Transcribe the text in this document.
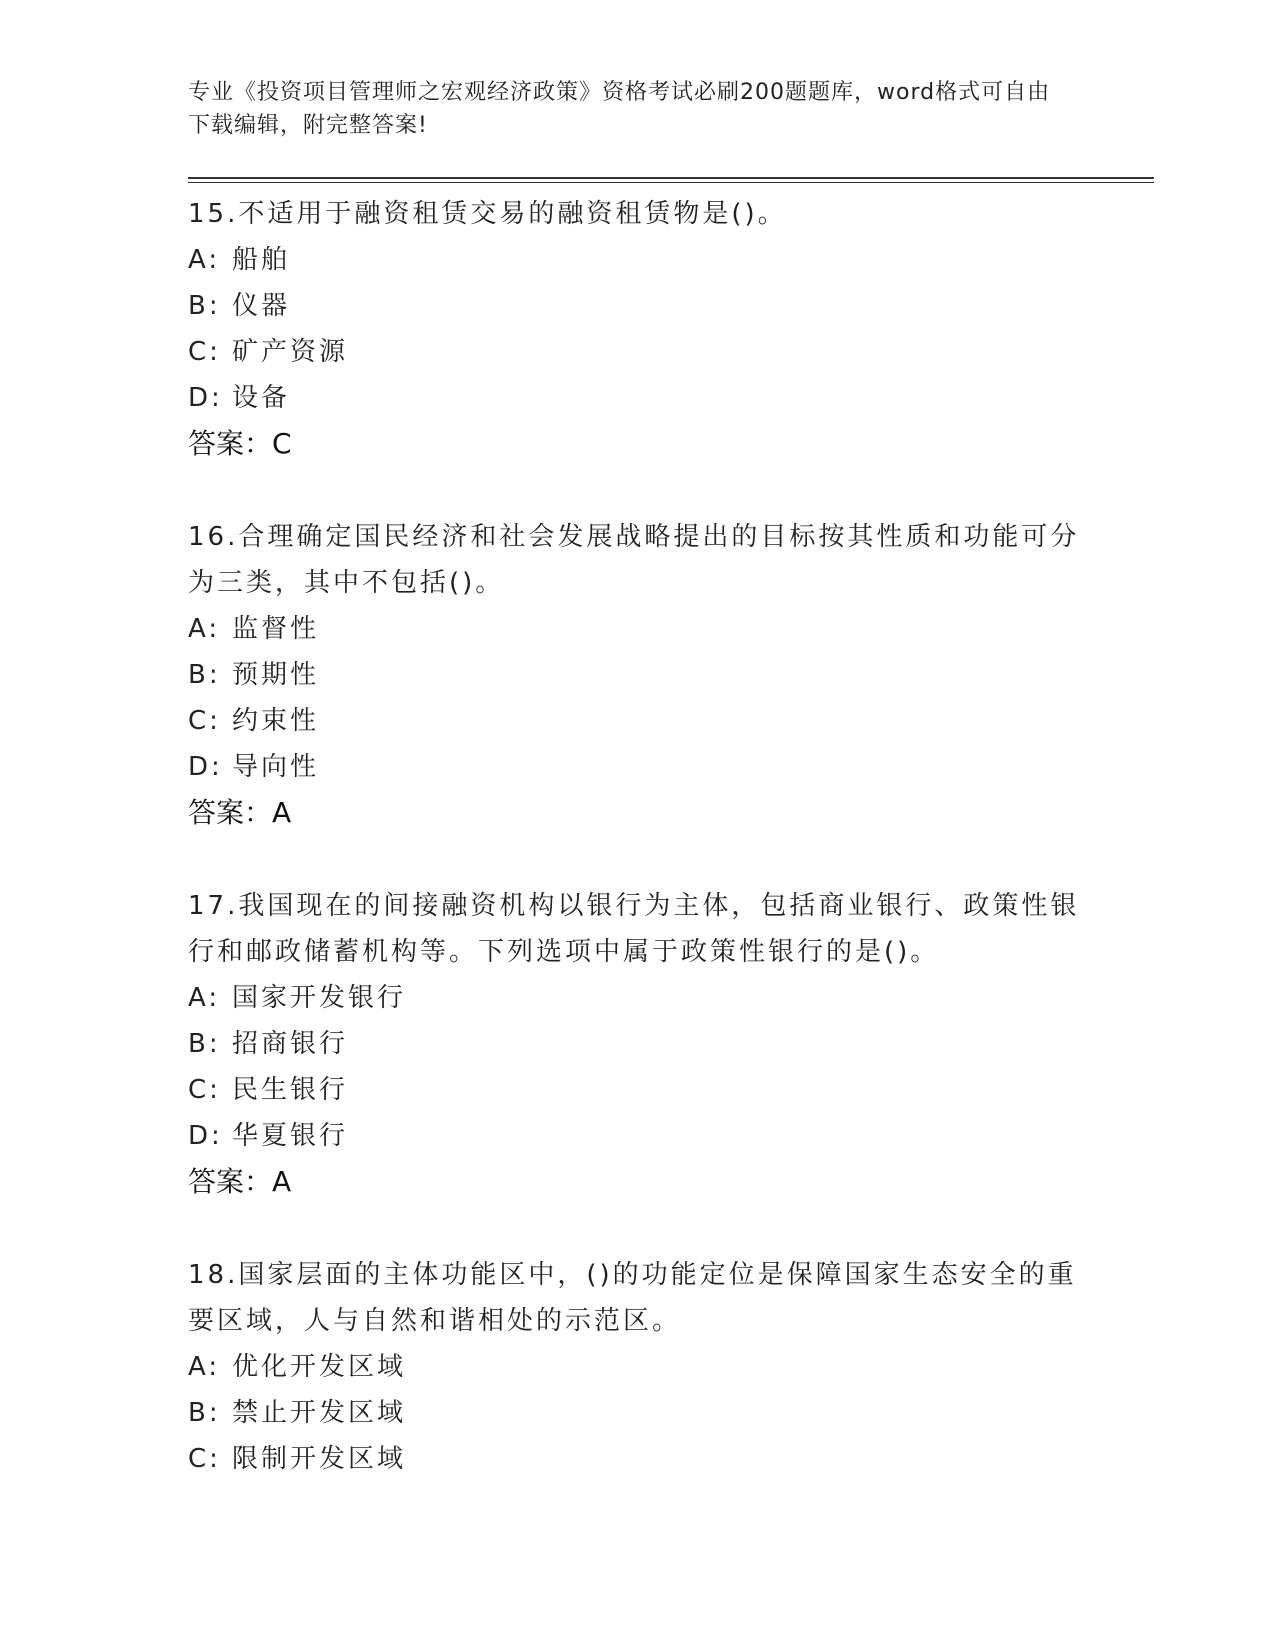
专业《投资项目管理师之宏观经济政策》资格考试必刷200题题库，word格式可自由下载编辑，附完整答案!
15.不适用于融资租赁交易的融资租赁物是()。
A: 船舶
B: 仪器
C: 矿产资源
D: 设备
答案：C
16.合理确定国民经济和社会发展战略提出的目标按其性质和功能可分为三类，其中不包括()。
A: 监督性
B: 预期性
C: 约束性
D: 导向性
答案：A
17.我国现在的间接融资机构以银行为主体，包括商业银行、政策性银行和邮政储蓄机构等。下列选项中属于政策性银行的是()。
A: 国家开发银行
B: 招商银行
C: 民生银行
D: 华夏银行
答案：A
18.国家层面的主体功能区中，()的功能定位是保障国家生态安全的重要区域，人与自然和谐相处的示范区。
A: 优化开发区域
B: 禁止开发区域
C: 限制开发区域
